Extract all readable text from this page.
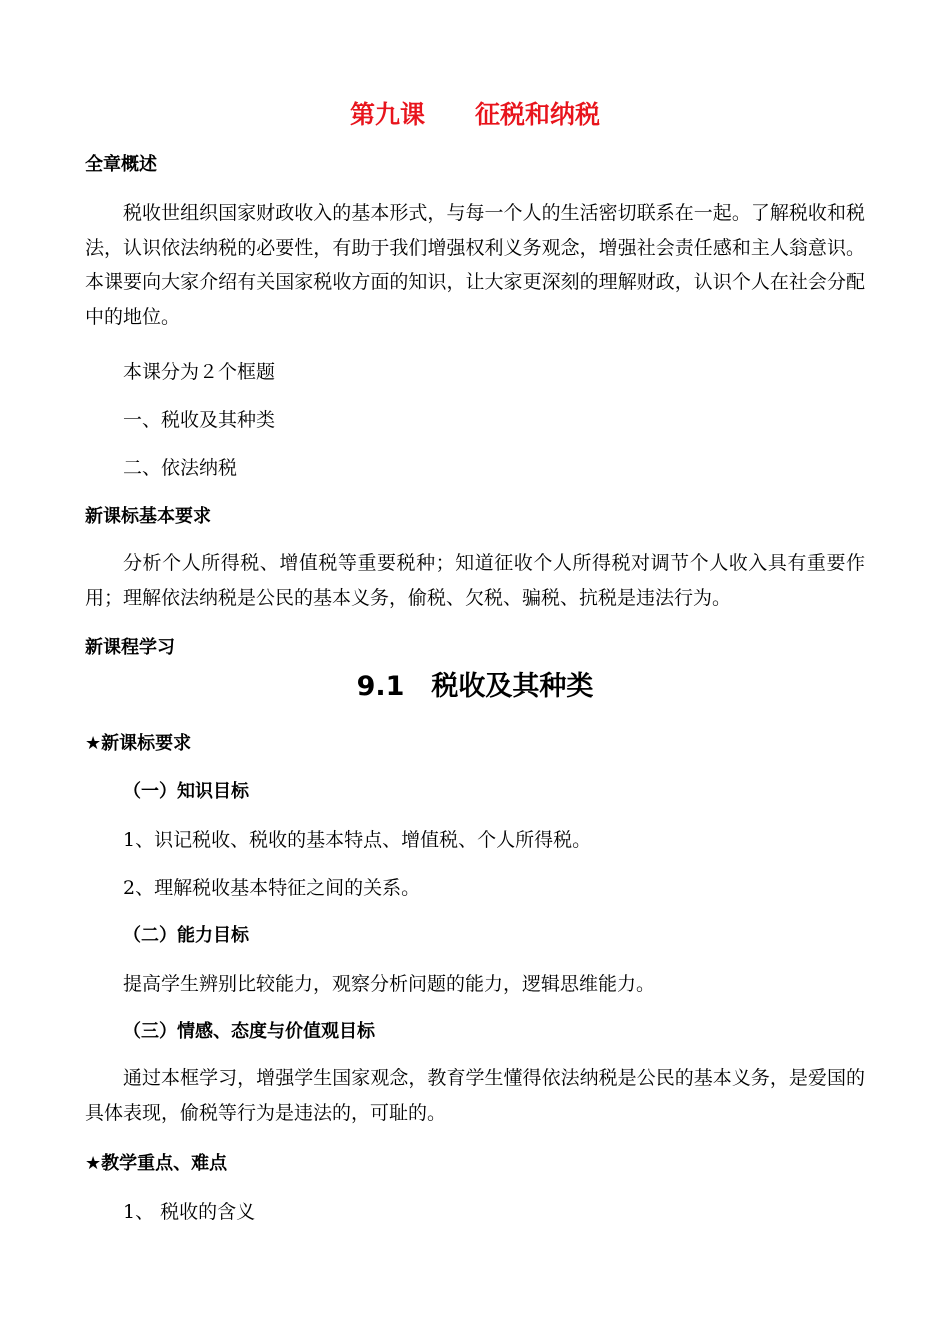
第九课　　征税和纳税

全章概述

税收世组织国家财政收入的基本形式，与每一个人的生活密切联系在一起。了解税收和税法，认识依法纳税的必要性，有助于我们增强权利义务观念，增强社会责任感和主人翁意识。本课要向大家介绍有关国家税收方面的知识，让大家更深刻的理解财政，认识个人在社会分配中的地位。

本课分为２个框题

一、税收及其种类

二、依法纳税

新课标基本要求

分析个人所得税、增值税等重要税种；知道征收个人所得税对调节个人收入具有重要作用；理解依法纳税是公民的基本义务，偷税、欠税、骗税、抗税是违法行为。

新课程学习

9.1　税收及其种类

★新课标要求

（一）知识目标

1、识记税收、税收的基本特点、增值税、个人所得税。

2、理解税收基本特征之间的关系。

（二）能力目标

提高学生辨别比较能力，观察分析问题的能力，逻辑思维能力。

（三）情感、态度与价值观目标

通过本框学习，增强学生国家观念，教育学生懂得依法纳税是公民的基本义务，是爱国的具体表现，偷税等行为是违法的，可耻的。

★教学重点、难点

1、 税收的含义
